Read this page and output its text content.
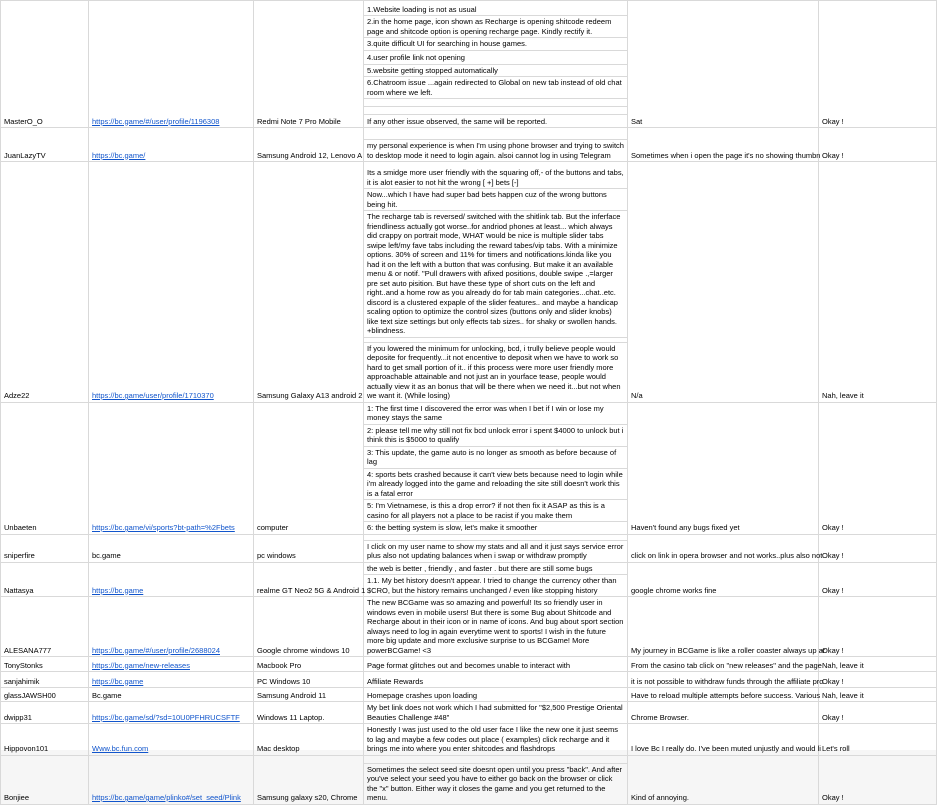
MasterO_O	https://bc.game/#/user/profile/1196308	Redmi Note 7 Pro Mobile	1.Website loading is not as usual	Sat	Okay !
			2.in the home page, icon shown as Recharge is opening shitcode redeem page and shitcode option is opening recharge page. Kindly rectify it.		
			3.quite difficult UI for searching in house games.		
			4.user profile link not opening		
			5.website getting stopped automatically		
			6.Chatroom issue ...again redirected to Global on new tab instead of old chat room where we left.		

			If any other issue observed, the same will be reported.		
JuanLazyTV	https://bc.game/	Samsung Android 12, Lenovo A		Sometimes when i open the page it's no showing thumbn	Okay !
			my personal experience is when I'm using phone browser and trying to switch to desktop mode it need to login again. alsoi cannot log in using Telegram		
Adze22	https://bc.game/user/profile/1710370	Samsung Galaxy A13 android 2	Its a smidge more user friendly with the squaring off,- of the buttons and tabs, it is alot easier to not hit the wrong [ +] bets [-]	N/a	Nah, leave it
			Now...which I have had super bad bets happen cuz of the wrong buttons being hit.		
			The recharge tab is reversed/ switched with the shitlink tab. But the inferface friendliness actually got worse..for andriod phones at least... which always did crappy on portrait mode, WHAT would be nice is multiple slider tabs swipe left/my fave tabs including the reward tabes/vip tabs. With a minimize options. 30% of screen and 11% for timers and notifications.kinda like you had it on the left with a button that was confusing. But make it an available menu & or notif. "Pull drawers with afixed positions, double swipe .,=larger pre set auto pisition. But have these type of short cuts on the left and right..and a home row as you already do for tab main categories...chat..etc. discord is a clustered expaple of the slider features.. and maybe a handicap scaling option to optimize the control sizes (buttons only and slider knobs) like text size settings but only effects tab sizes.. for shaky or swollen hands. +blindness.		

			If you lowered the minimum for unlocking, bcd, i trully believe people would deposite for frequently...it not encentive to deposit when we have to work so hard to get small portion of it.. if this process were more user friendly more approachable attainable and not just an in yourface tease, people would actually view it as an bonus that will be there when we need it...but not when we want it. (While losing)		
Unbaeten	https://bc.game/vi/sports?bt-path=%2Fbets	computer	1: The first time I discovered the error was when I bet if I win or lose my money stays the same	Haven't found any bugs fixed yet	Okay !
			2: please tell me why still not fix bcd unlock error i spent $4000 to unlock but i think this is $5000 to qualify		
			3: This update, the game auto is no longer as smooth as before because of lag		
			4: sports bets crashed because it can't view bets because need to login while i'm already logged into the game and reloading the site still doesn't work this is a fatal error		
			5: I'm Vietnamese, is this a drop error? if not then fix it ASAP as this is a casino for all players not a place to be racist if you make them		
			6: the betting system is slow, let's make it smoother		
sniperfire	bc.game	pc windows		click on link in opera browser and not works..plus also not	Okay !
			I click on my user name to show my stats and all and it just says service error plus also not updating balances when i swap or withdraw promptly		
Nattasya	https://bc.game	realme GT Neo2 5G & Android 1	the web is better , friendly , and faster . but there are still some bugs	google chrome works fine	Okay !
			1.1. My bet history doesn't appear. I tried to change the currency other than $CRO, but the history remains unchanged / even like stopping history		
ALESANA777	https://bc.game/#/user/profile/2688024	Google chrome windows 10	The new BCGame was so amazing and powerful! Its so friendly user in windows even in mobile users! But there is some Bug about Shitcode and Recharge about in their icon or in name of icons. And bug about sport section always need to log in again everytime went to sports! I wish in the future more big update and more exclusive surprise to us BCGame! More powerBCGame! <3	My journey in BCGame is like a roller coaster always up ar	Okay !
TonyStonks	https://bc.game/new-releases	Macbook Pro	Page format glitches out and becomes unable to interact with	From the casino tab click on "new releases" and the page	Nah, leave it
sanjahimik	https://bc.game	PC Windows 10	Affiliate Rewards	it is not possible to withdraw funds through the affiliate pro	Okay !
glassJAWSH00	Bc.game	Samsung Android 11	Homepage crashes upon loading	Have to reload multiple attempts before success. Various	Nah, leave it
dwipp31	https://bc.game/sd/?sd=10U0PFHRUCSFTF	Windows 11 Laptop.	My bet link does not work which I had submitted for "$2,500 Prestige Oriental Beauties Challenge #48"	Chrome Browser.	Okay !
Hippovon101	Www.bc.fun.com	Mac desktop	Honestly I was just used to the old user face I like the new one it just seems to lag and maybe a few codes out place ( examples) click recharge and it brings me into where you enter shitcodes and flashdrops	I love Bc I really do. I've been muted unjustly and would li	Let's roll
Bonjiee	https://bc.game/game/plinko#/set_seed/Plink	Samsung galaxy s20, Chrome		Kind of annoying.	Okay !
			Sometimes the select seed site doesnt open until you press "back". And after you've select your seed you have to either go back on the browser or click the "x" button. Either way it closes the game and you get returned to the menu.		
